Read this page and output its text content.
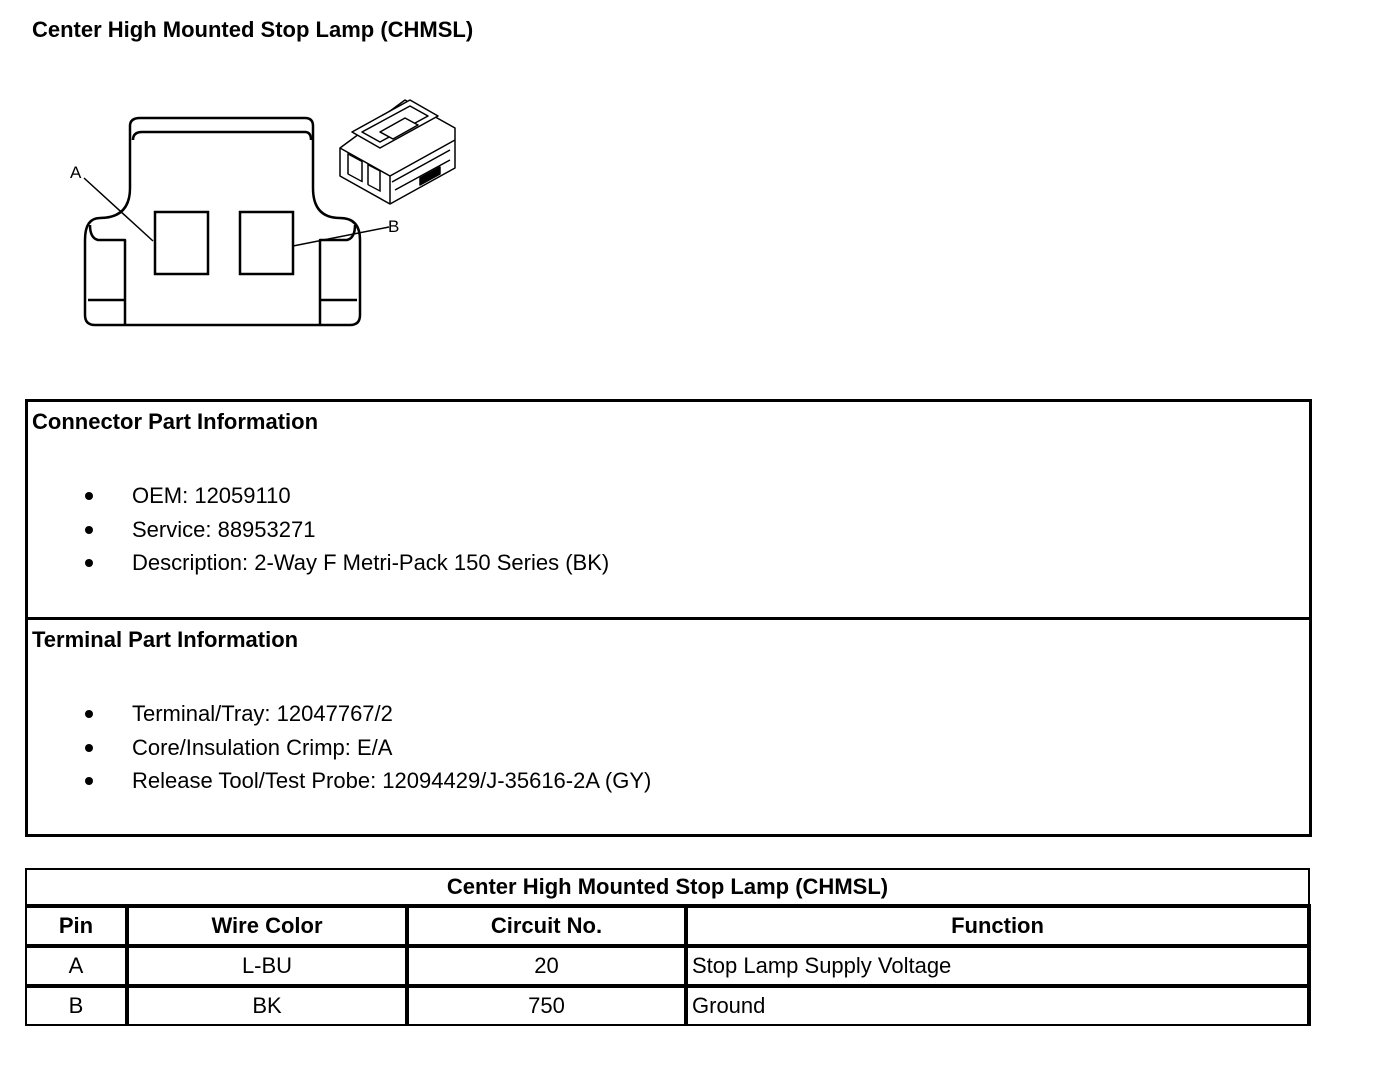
Center High Mounted Stop Lamp (CHMSL)
A
B
Connector Part Information
OEM: 12059110
Service: 88953271
Description: 2-Way F Metri-Pack 150 Series (BK)
Terminal Part Information
Terminal/Tray: 12047767/2
Core/Insulation Crimp: E/A
Release Tool/Test Probe: 12094429/J-35616-2A (GY)
Center High Mounted Stop Lamp (CHMSL)			
Pin	Wire Color	Circuit No.	Function
A	L-BU	20	Stop Lamp Supply Voltage
B	BK	750	Ground
